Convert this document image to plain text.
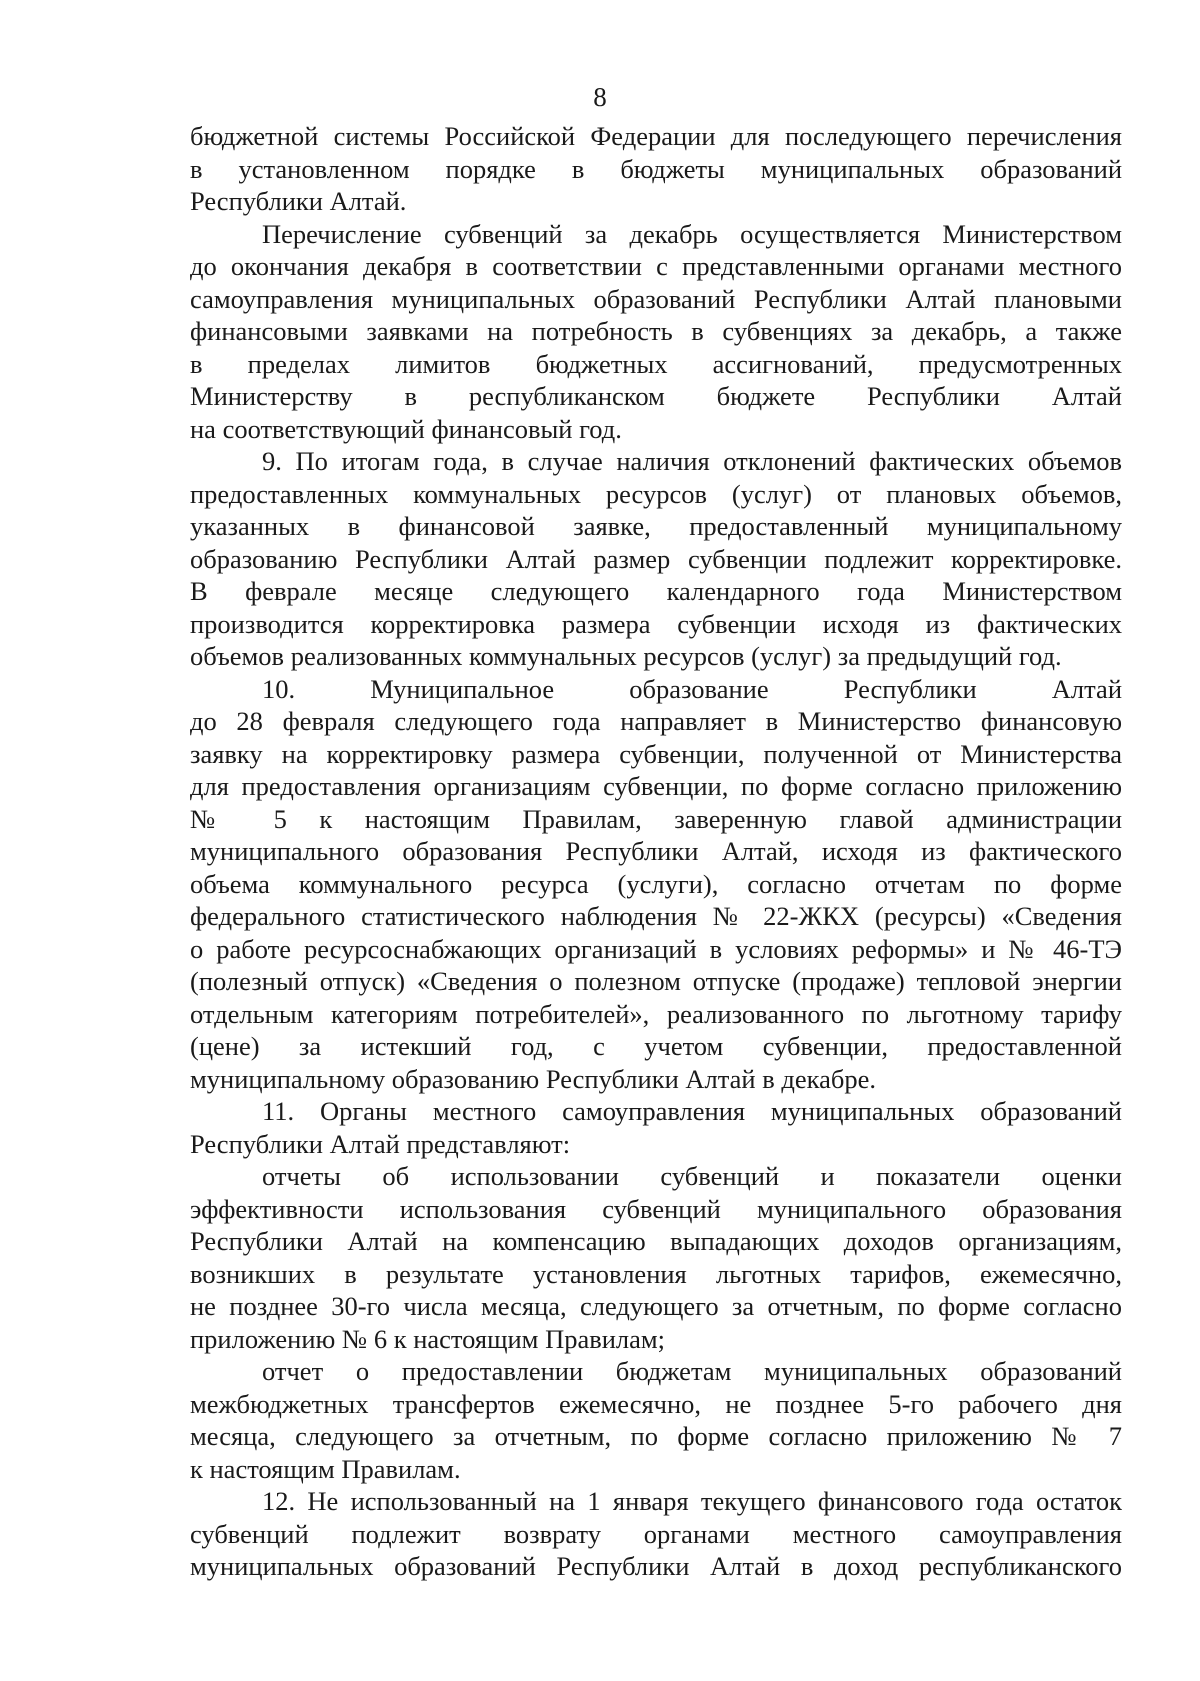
8
бюджетной системы Российской Федерации для последующего перечисления
в установленном порядке в бюджеты муниципальных образований
Республики Алтай.
Перечисление субвенций за декабрь осуществляется Министерством
до окончания декабря в соответствии с представленными органами местного
самоуправления муниципальных образований Республики Алтай плановыми
финансовыми заявками на потребность в субвенциях за декабрь, а также
в пределах лимитов бюджетных ассигнований, предусмотренных
Министерству в республиканском бюджете Республики Алтай
на соответствующий финансовый год.
9. По итогам года, в случае наличия отклонений фактических объемов
предоставленных коммунальных ресурсов (услуг) от плановых объемов,
указанных в финансовой заявке, предоставленный муниципальному
образованию Республики Алтай размер субвенции подлежит корректировке.
В феврале месяце следующего календарного года Министерством
производится корректировка размера субвенции исходя из фактических
объемов реализованных коммунальных ресурсов (услуг) за предыдущий год.
10. Муниципальное образование Республики Алтай
до 28 февраля следующего года направляет в Министерство финансовую
заявку на корректировку размера субвенции, полученной от Министерства
для предоставления организациям субвенции, по форме согласно приложению
№ 5 к настоящим Правилам, заверенную главой администрации
муниципального образования Республики Алтай, исходя из фактического
объема коммунального ресурса (услуги), согласно отчетам по форме
федерального статистического наблюдения № 22-ЖКХ (ресурсы) «Сведения
о работе ресурсоснабжающих организаций в условиях реформы» и № 46-ТЭ
(полезный отпуск) «Сведения о полезном отпуске (продаже) тепловой энергии
отдельным категориям потребителей», реализованного по льготному тарифу
(цене) за истекший год, с учетом субвенции, предоставленной
муниципальному образованию Республики Алтай в декабре.
11. Органы местного самоуправления муниципальных образований
Республики Алтай представляют:
отчеты об использовании субвенций и показатели оценки
эффективности использования субвенций муниципального образования
Республики Алтай на компенсацию выпадающих доходов организациям,
возникших в результате установления льготных тарифов, ежемесячно,
не позднее 30-го числа месяца, следующего за отчетным, по форме согласно
приложению № 6 к настоящим Правилам;
отчет о предоставлении бюджетам муниципальных образований
межбюджетных трансфертов ежемесячно, не позднее 5-го рабочего дня
месяца, следующего за отчетным, по форме согласно приложению № 7
к настоящим Правилам.
12. Не использованный на 1 января текущего финансового года остаток
субвенций подлежит возврату органами местного самоуправления
муниципальных образований Республики Алтай в доход республиканского
